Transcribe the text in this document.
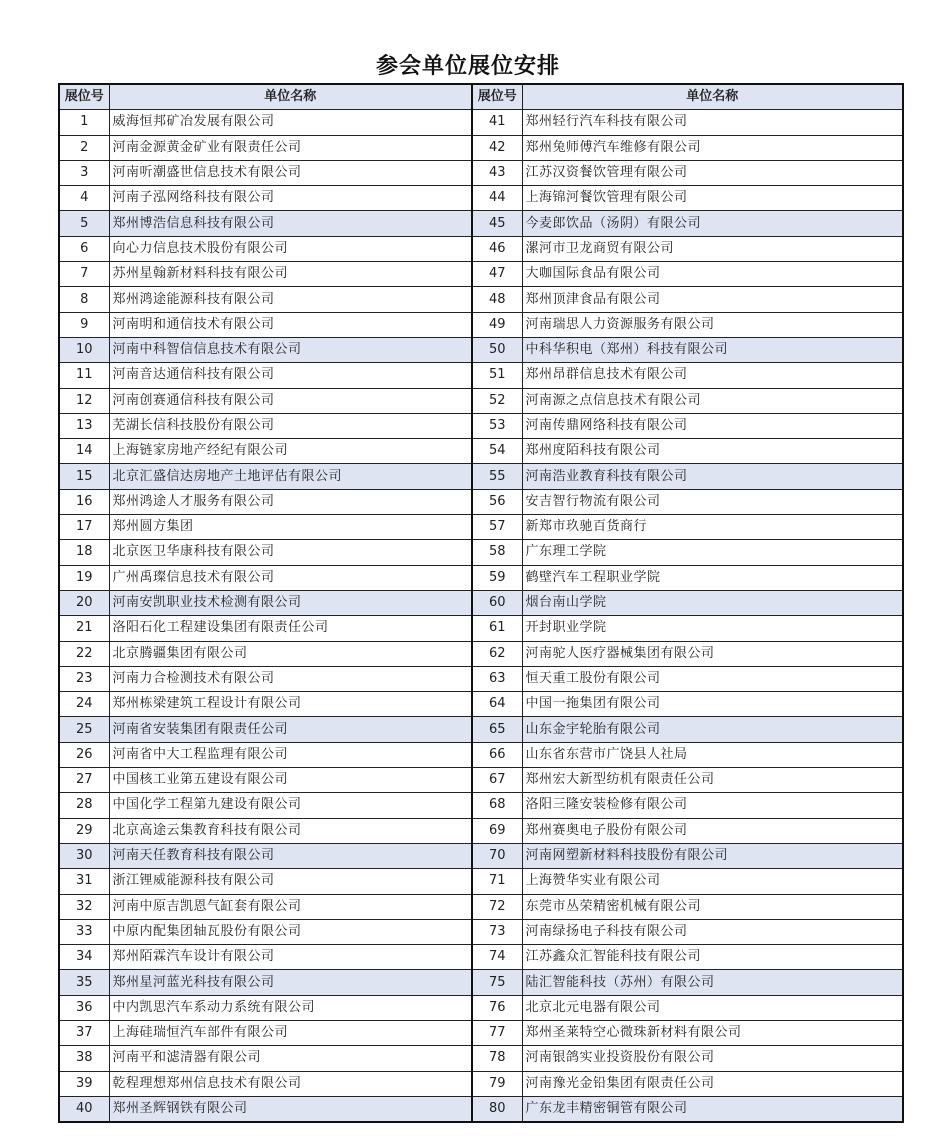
参会单位展位安排
展位号	单位名称	展位号	单位名称
1	威海恒邦矿冶发展有限公司	41	郑州轻行汽车科技有限公司
2	河南金源黄金矿业有限责任公司	42	郑州兔师傅汽车维修有限公司
3	河南听潮盛世信息技术有限公司	43	江苏汉资餐饮管理有限公司
4	河南子泓网络科技有限公司	44	上海锦河餐饮管理有限公司
5	郑州博浩信息科技有限公司	45	今麦郎饮品（汤阴）有限公司
6	向心力信息技术股份有限公司	46	漯河市卫龙商贸有限公司
7	苏州星翰新材料科技有限公司	47	大咖国际食品有限公司
8	郑州鸿途能源科技有限公司	48	郑州顶津食品有限公司
9	河南明和通信技术有限公司	49	河南瑞思人力资源服务有限公司
10	河南中科智信信息技术有限公司	50	中科华积电（郑州）科技有限公司
11	河南音达通信科技有限公司	51	郑州昂群信息技术有限公司
12	河南创赛通信科技有限公司	52	河南源之点信息技术有限公司
13	芜湖长信科技股份有限公司	53	河南传鼎网络科技有限公司
14	上海链家房地产经纪有限公司	54	郑州度陌科技有限公司
15	北京汇盛信达房地产土地评估有限公司	55	河南浩业教育科技有限公司
16	郑州鸿途人才服务有限公司	56	安吉智行物流有限公司
17	郑州圆方集团	57	新郑市玖驰百货商行
18	北京医卫华康科技有限公司	58	广东理工学院
19	广州禹璨信息技术有限公司	59	鹤壁汽车工程职业学院
20	河南安凯职业技术检测有限公司	60	烟台南山学院
21	洛阳石化工程建设集团有限责任公司	61	开封职业学院
22	北京腾疆集团有限公司	62	河南驼人医疗器械集团有限公司
23	河南力合检测技术有限公司	63	恒天重工股份有限公司
24	郑州栋梁建筑工程设计有限公司	64	中国一拖集团有限公司
25	河南省安装集团有限责任公司	65	山东金宇轮胎有限公司
26	河南省中大工程监理有限公司	66	山东省东营市广饶县人社局
27	中国核工业第五建设有限公司	67	郑州宏大新型纺机有限责任公司
28	中国化学工程第九建设有限公司	68	洛阳三隆安装检修有限公司
29	北京高途云集教育科技有限公司	69	郑州赛奥电子股份有限公司
30	河南天任教育科技有限公司	70	河南网塑新材料科技股份有限公司
31	浙江锂威能源科技有限公司	71	上海赞华实业有限公司
32	河南中原吉凯恩气缸套有限公司	72	东莞市丛荣精密机械有限公司
33	中原内配集团轴瓦股份有限公司	73	河南绿扬电子科技有限公司
34	郑州陌霖汽车设计有限公司	74	江苏鑫众汇智能科技有限公司
35	郑州星河蓝光科技有限公司	75	陆汇智能科技（苏州）有限公司
36	中内凯思汽车系动力系统有限公司	76	北京北元电器有限公司
37	上海硅瑞恒汽车部件有限公司	77	郑州圣莱特空心微珠新材料有限公司
38	河南平和滤清器有限公司	78	河南银鸽实业投资股份有限公司
39	乾程理想郑州信息技术有限公司	79	河南豫光金铅集团有限责任公司
40	郑州圣辉钢铁有限公司	80	广东龙丰精密铜管有限公司
